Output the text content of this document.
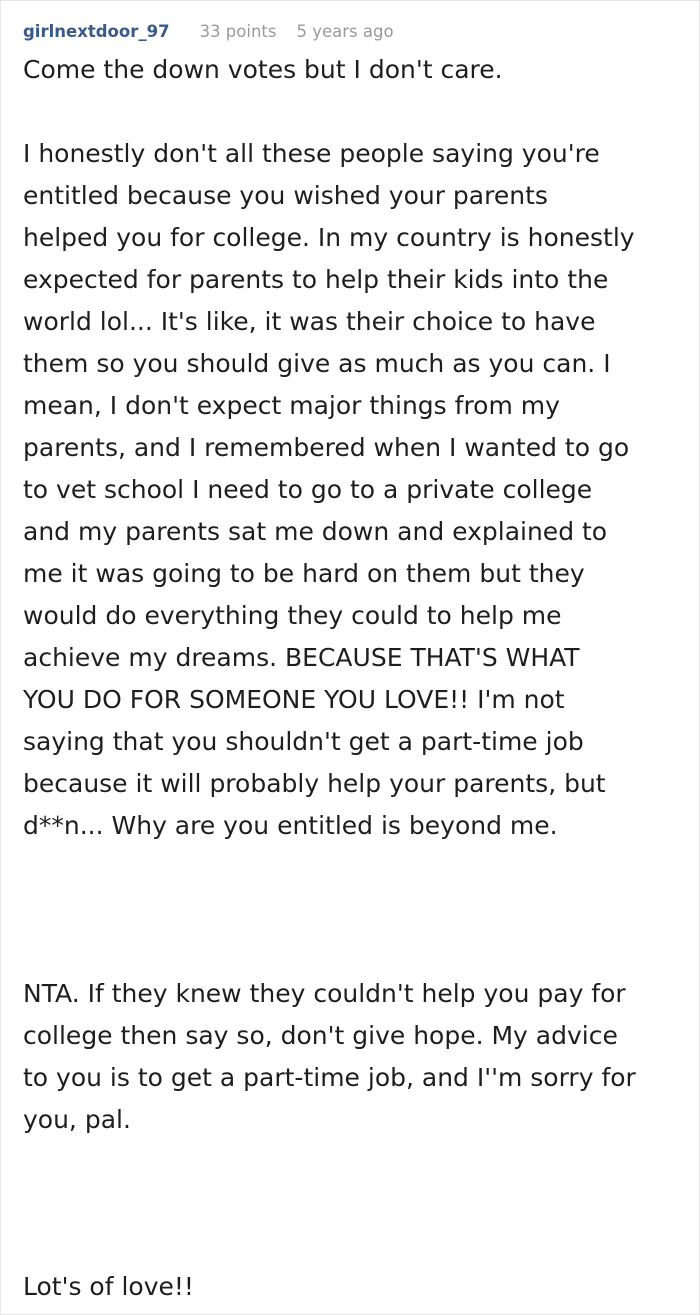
girlnextdoor_97 33 points 5 years ago

Come the down votes but I don't care.

I honestly don't all these people saying you're
entitled because you wished your parents
helped you for college. In my country is honestly
expected for parents to help their kids into the
world lol... It's like, it was their choice to have
them so you should give as much as you can. I
mean, I don't expect major things from my
parents, and I remembered when I wanted to go
to vet school I need to go to a private college
and my parents sat me down and explained to
me it was going to be hard on them but they
would do everything they could to help me
achieve my dreams. BECAUSE THAT'S WHAT
YOU DO FOR SOMEONE YOU LOVE!! I'm not
saying that you shouldn't get a part-time job
because it will probably help your parents, but
d**n... Why are you entitled is beyond me.

NTA. If they knew they couldn't help you pay for
college then say so, don't give hope. My advice
to you is to get a part-time job, and I''m sorry for
you, pal.

Lot's of love!!
